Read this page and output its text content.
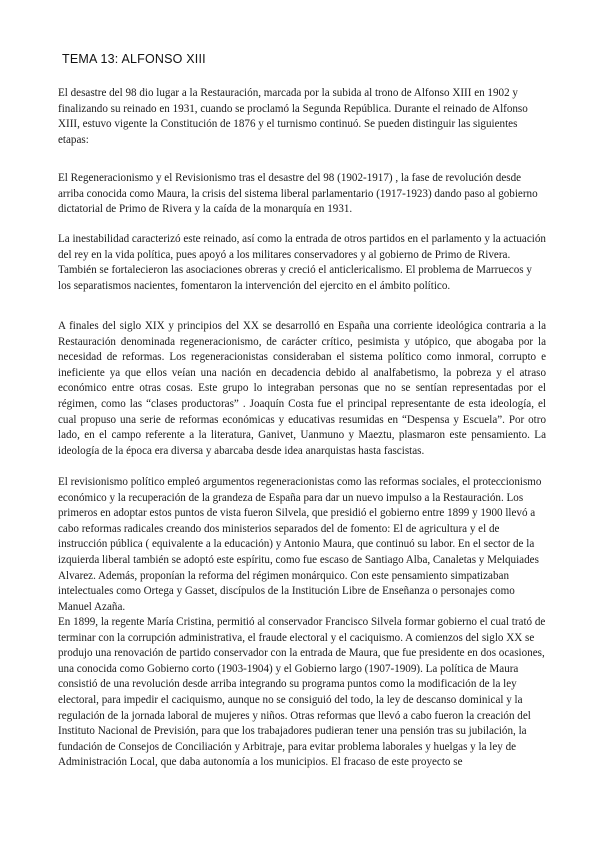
TEMA 13: ALFONSO XIII

El desastre del 98 dio lugar a la Restauración, marcada por la subida al trono de Alfonso XIII en 1902 y finalizando su reinado en 1931, cuando se proclamó la Segunda República. Durante el reinado de Alfonso XIII, estuvo vigente la Constitución de 1876 y el turnismo continuó. Se pueden distinguir las siguientes etapas:

El Regeneracionismo y el Revisionismo tras el desastre del 98 (1902-1917) , la fase de revolución desde arriba conocida como Maura, la crisis del sistema liberal parlamentario (1917-1923) dando paso al gobierno dictatorial de Primo de Rivera y la caída de la monarquía en 1931.

La inestabilidad caracterizó este reinado, así como la entrada de otros partidos en el parlamento y la actuación del rey en la vida política, pues apoyó a los militares conservadores y al gobierno de Primo de Rivera. También se fortalecieron las asociaciones obreras y creció el anticlericalismo. El problema de Marruecos y los separatismos nacientes, fomentaron la intervención del ejercito en el ámbito político.

A finales del siglo XIX y principios del XX se desarrolló en España una corriente ideológica contraria a la Restauración denominada regeneracionismo, de carácter crítico, pesimista y utópico, que abogaba por la necesidad de reformas. Los regeneracionistas consideraban el sistema político como inmoral, corrupto e ineficiente ya que ellos veían una nación en decadencia debido al analfabetismo, la pobreza y el atraso económico entre otras cosas. Este grupo lo integraban personas que no se sentían representadas por el régimen, como las “clases productoras” . Joaquín Costa fue el principal representante de esta ideología, el cual propuso una serie de reformas económicas y educativas resumidas en “Despensa y Escuela”. Por otro lado, en el campo referente a la literatura, Ganivet, Uanmuno y Maeztu, plasmaron este pensamiento. La ideología de la época era diversa y abarcaba desde idea anarquistas hasta fascistas.

El revisionismo político empleó argumentos regeneracionistas como las reformas sociales, el proteccionismo económico y la recuperación de la grandeza de España para dar un nuevo impulso a la Restauración. Los primeros en adoptar estos puntos de vista fueron Silvela, que presidió el gobierno entre 1899 y 1900 llevó a cabo reformas radicales creando dos ministerios separados del de fomento: El de agricultura y el de instrucción pública ( equivalente a la educación) y Antonio Maura, que continuó su labor. En el sector de la izquierda liberal también se adoptó este espíritu, como fue escaso de Santiago Alba, Canaletas y Melquiades Alvarez. Además, proponían la reforma del régimen monárquico. Con este pensamiento simpatizaban intelectuales como Ortega y Gasset, discípulos de la Institución Libre de Enseñanza o personajes como Manuel Azaña.

En 1899, la regente María Cristina, permitió al conservador Francisco Silvela formar gobierno el cual trató de terminar con la corrupción administrativa, el fraude electoral y el caciquismo. A comienzos del siglo XX se produjo una renovación de partido conservador con la entrada de Maura, que fue presidente en dos ocasiones, una conocida como Gobierno corto (1903-1904) y el Gobierno largo (1907-1909). La política de Maura consistió de una revolución desde arriba integrando su programa puntos como la modificación de la ley electoral, para impedir el caciquismo, aunque no se consiguió del todo, la ley de descanso dominical y la regulación de la jornada laboral de mujeres y niños. Otras reformas que llevó a cabo fueron la creación del Instituto Nacional de Previsión, para que los trabajadores pudieran tener una pensión tras su jubilación, la fundación de Consejos de Conciliación y Arbitraje, para evitar problema laborales y huelgas y la ley de Administración Local, que daba autonomía a los municipios. El fracaso de este proyecto se
